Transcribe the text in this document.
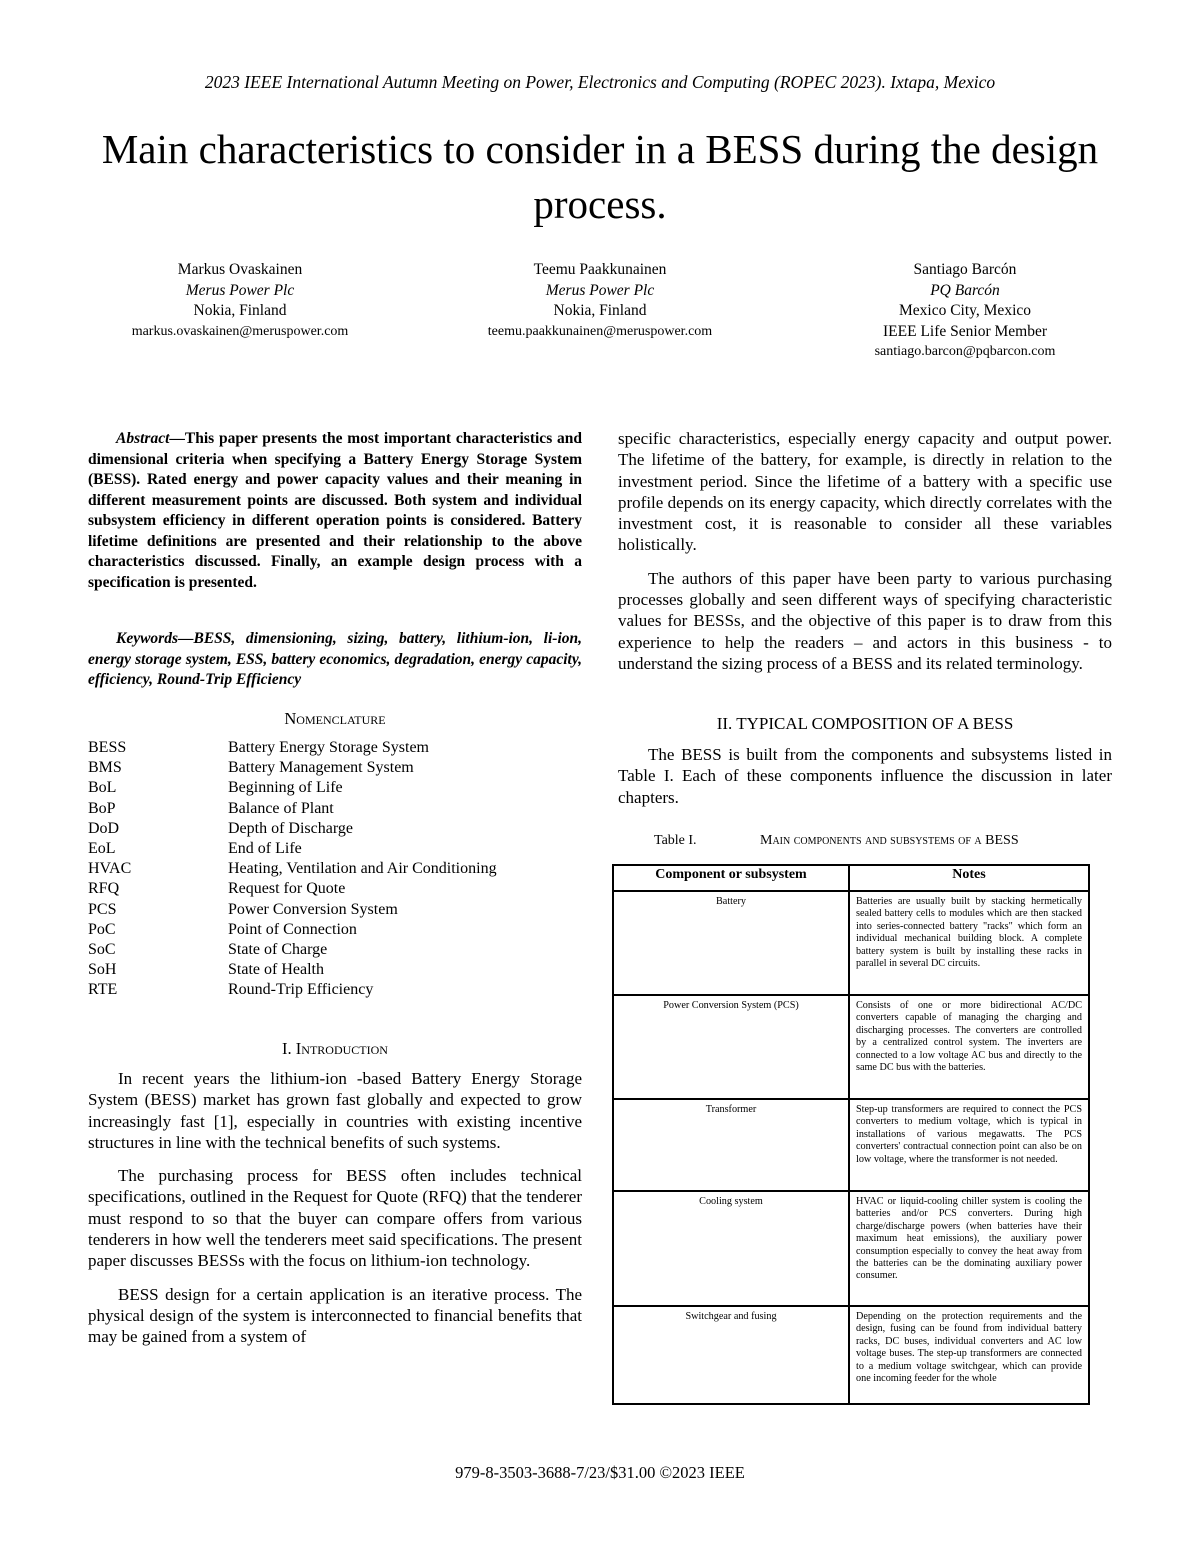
2023 IEEE International Autumn Meeting on Power, Electronics and Computing (ROPEC 2023). Ixtapa, Mexico
Main characteristics to consider in a BESS during the design process.
Markus Ovaskainen
Merus Power Plc
Nokia, Finland
markus.ovaskainen@meruspower.com
Teemu Paakkunainen
Merus Power Plc
Nokia, Finland
teemu.paakkunainen@meruspower.com
Santiago Barcón
PQ Barcón
Mexico City, Mexico
IEEE Life Senior Member
santiago.barcon@pqbarcon.com
Abstract—This paper presents the most important characteristics and dimensional criteria when specifying a Battery Energy Storage System (BESS). Rated energy and power capacity values and their meaning in different measurement points are discussed. Both system and individual subsystem efficiency in different operation points is considered. Battery lifetime definitions are presented and their relationship to the above characteristics discussed. Finally, an example design process with a specification is presented.
Keywords—BESS, dimensioning, sizing, battery, lithium-ion, li-ion, energy storage system, ESS, battery economics, degradation, energy capacity, efficiency, Round-Trip Efficiency
Nomenclature
BESS	Battery Energy Storage System
BMS	Battery Management System
BoL	Beginning of Life
BoP	Balance of Plant
DoD	Depth of Discharge
EoL	End of Life
HVAC	Heating, Ventilation and Air Conditioning
RFQ	Request for Quote
PCS	Power Conversion System
PoC	Point of Connection
SoC	State of Charge
SoH	State of Health
RTE	Round-Trip Efficiency
I. Introduction

In recent years the lithium-ion -based Battery Energy Storage System (BESS) market has grown fast globally and expected to grow increasingly fast [1], especially in countries with existing incentive structures in line with the technical benefits of such systems.

The purchasing process for BESS often includes technical specifications, outlined in the Request for Quote (RFQ) that the tenderer must respond to so that the buyer can compare offers from various tenderers in how well the tenderers meet said specifications. The present paper discusses BESSs with the focus on lithium-ion technology.

BESS design for a certain application is an iterative process. The physical design of the system is interconnected to financial benefits that may be gained from a system of

specific characteristics, especially energy capacity and output power. The lifetime of the battery, for example, is directly in relation to the investment period. Since the lifetime of a battery with a specific use profile depends on its energy capacity, which directly correlates with the investment cost, it is reasonable to consider all these variables holistically.

The authors of this paper have been party to various purchasing processes globally and seen different ways of specifying characteristic values for BESSs, and the objective of this paper is to draw from this experience to help the readers – and actors in this business - to understand the sizing process of a BESS and its related terminology.

II. TYPICAL COMPOSITION OF A BESS

The BESS is built from the components and subsystems listed in Table I. Each of these components influence the discussion in later chapters.

Table I.	Main components and subsystems of a BESS
Component or subsystem	Notes
Battery	Batteries are usually built by stacking hermetically sealed battery cells to modules which are then stacked into series-connected battery "racks" which form an individual mechanical building block. A complete battery system is built by installing these racks in parallel in several DC circuits.
Power Conversion System (PCS)	Consists of one or more bidirectional AC/DC converters capable of managing the charging and discharging processes. The converters are controlled by a centralized control system. The inverters are connected to a low voltage AC bus and directly to the same DC bus with the batteries.
Transformer	Step-up transformers are required to connect the PCS converters to medium voltage, which is typical in installations of various megawatts. The PCS converters' contractual connection point can also be on low voltage, where the transformer is not needed.
Cooling system	HVAC or liquid-cooling chiller system is cooling the batteries and/or PCS converters. During high charge/discharge powers (when batteries have their maximum heat emissions), the auxiliary power consumption especially to convey the heat away from the batteries can be the dominating auxiliary power consumer.
Switchgear and fusing	Depending on the protection requirements and the design, fusing can be found from individual battery racks, DC buses, individual converters and AC low voltage buses. The step-up transformers are connected to a medium voltage switchgear, which can provide one incoming feeder for the whole
979-8-3503-3688-7/23/$31.00 ©2023 IEEE
